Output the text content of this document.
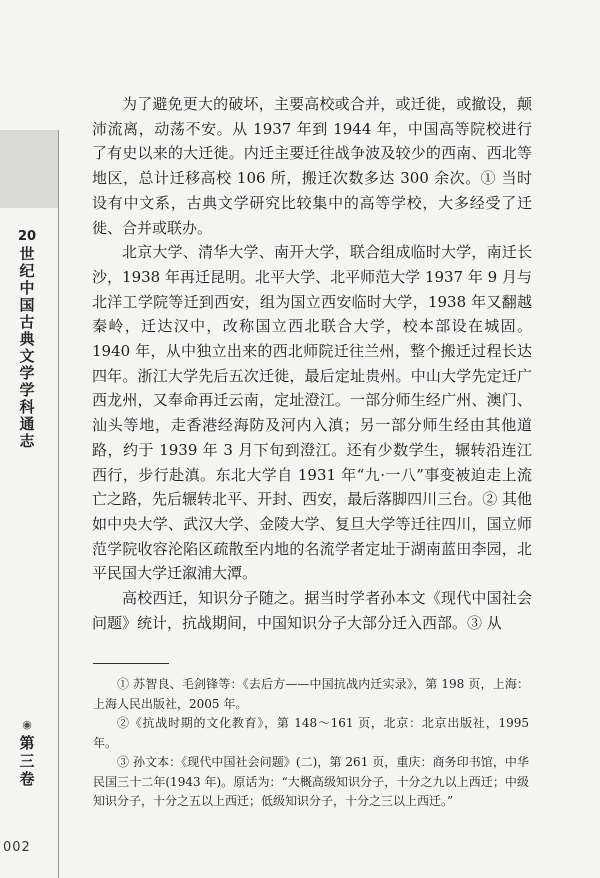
20
世
纪
中
国
古
典
文
学
学
科
通
志
◉
第
三
卷
002

为了避免更大的破坏，主要高校或合并，或迁徙，或撤设，颠沛流离，动荡不安。从 1937 年到 1944 年，中国高等院校进行了有史以来的大迁徙。内迁主要迁往战争波及较少的西南、西北等地区，总计迁移高校 106 所，搬迁次数多达 300 余次。① 当时设有中文系，古典文学研究比较集中的高等学校，大多经受了迁徙、合并或联办。

北京大学、清华大学、南开大学，联合组成临时大学，南迁长沙，1938 年再迁昆明。北平大学、北平师范大学 1937 年 9 月与北洋工学院等迁到西安，组为国立西安临时大学，1938 年又翻越秦岭，迁达汉中，改称国立西北联合大学，校本部设在城固。1940 年，从中独立出来的西北师院迁往兰州，整个搬迁过程长达四年。浙江大学先后五次迁徙，最后定址贵州。中山大学先定迁广西龙州，又奉命再迁云南，定址澄江。一部分师生经广州、澳门、汕头等地，走香港经海防及河内入滇；另一部分师生经由其他道路，约于 1939 年 3 月下旬到澄江。还有少数学生，辗转沿连江西行，步行赴滇。东北大学自 1931 年“九·一八”事变被迫走上流亡之路，先后辗转北平、开封、西安，最后落脚四川三台。② 其他如中央大学、武汉大学、金陵大学、复旦大学等迁往四川，国立师范学院收容沦陷区疏散至内地的名流学者定址于湖南蓝田李园，北平民国大学迁溆浦大潭。

高校西迁，知识分子随之。据当时学者孙本文《现代中国社会问题》统计，抗战期间，中国知识分子大部分迁入西部。③ 从

① 苏智良、毛剑锋等：《去后方——中国抗战内迁实录》，第 198 页，上海：上海人民出版社，2005 年。

②《抗战时期的文化教育》，第 148～161 页，北京：北京出版社，1995 年。

③ 孙文本：《现代中国社会问题》(二)，第 261 页，重庆：商务印书馆，中华民国三十二年(1943 年)。原话为：“大概高级知识分子，十分之九以上西迁；中级知识分子，十分之五以上西迁；低级知识分子，十分之三以上西迁。”
